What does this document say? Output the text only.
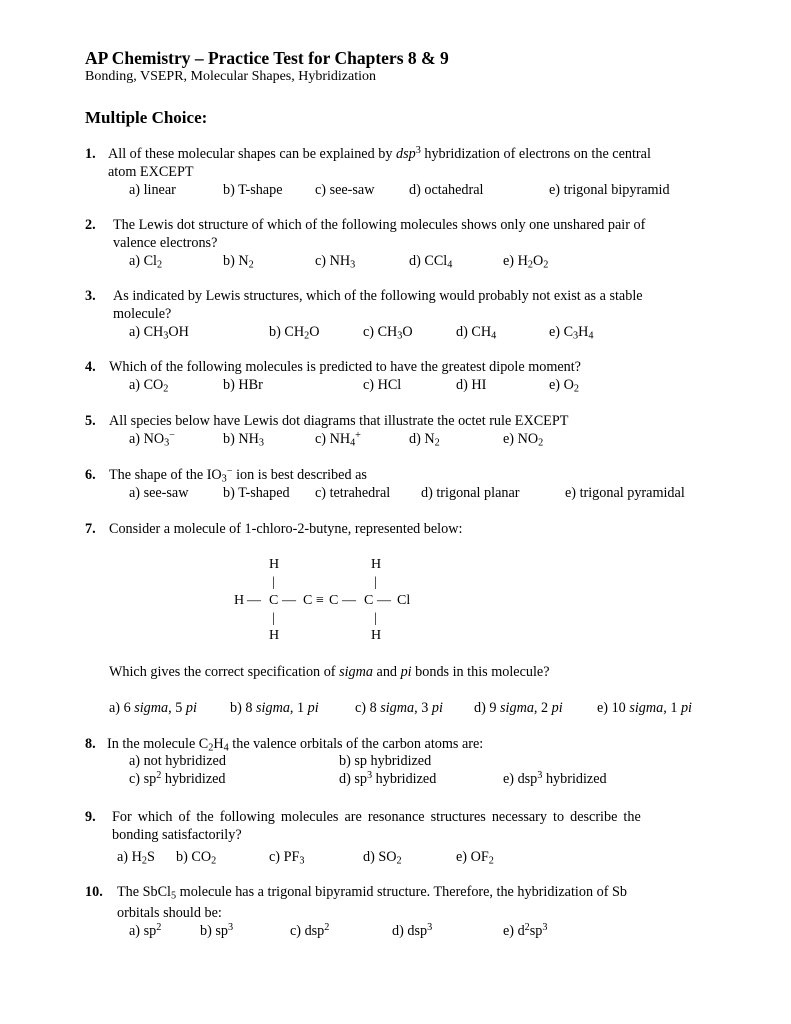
AP Chemistry – Practice Test for Chapters 8 & 9
Bonding, VSEPR, Molecular Shapes, Hybridization
Multiple Choice:
1. All of these molecular shapes can be explained by dsp$^3$ hybridization of electrons on the central
atom EXCEPT
a) linear	b) T-shape c) see-saw d) octahedral	e) trigonal bipyramid
2. The Lewis dot structure of which of the following molecules shows only one unshared pair of
valence electrons?
a) $Cl_2$	b) $N_2$	c) $NH_3$	d) CCl$_4$	e) $H_2O_2$
3. As indicated by Lewis structures, which of the following would probably not exist as a stable
molecule?
a) $CH_3OH$	b) $CH_2O$	c) $CH_3O$	d) $CH_4$	e) $C_3H_4$
4. Which of the following molecules is predicted to have the greatest dipole moment?
a) $CO_2$	b) HBr	c) HCl	d) HI	e) $O_2$
5. All species below have Lewis dot diagrams that illustrate the octet rule EXCEPT
a) $NO_3^-$	b) $NH_3$	c) $NH_4^+$	d) $N_2$	e) $NO_2$
6. The shape of the $IO_3^-$ ion is best described as
a) see-saw b) T-shaped c) tetrahedral d) trigonal planar	e) trigonal pyramidal
7. Consider a molecule of 1-chloro-2-butyne, represented below:
H	H
|	|
H — C — C ≡ C — C — Cl
|	|
H	H
Which gives the correct specification of sigma and pi bonds in this molecule?
a) 6 sigma, 5 pi b) 8 sigma, 1 pi	c) 8 sigma, 3 pi d) 9 sigma, 2 pi e) 10 sigma, 1 pi
8. In the molecule $C_2H_4$ the valence orbitals of the carbon atoms are:
a) not hybridized	b) sp hybridized
c) $sp^2$ hybridized	d) $sp^3$ hybridized	e) dsp$^3$ hybridized
9. For which of the following molecules are resonance structures necessary to describe the
bonding satisfactorily?
a) $H_2S$ b) $CO_2$	c) $PF_3$	d) $SO_2$	e) $OF_2$
10. The SbCl$_5$ molecule has a trigonal bipyramid structure. Therefore, the hybridization of Sb
orbitals should be:
a) $sp^2$	b) $sp^3$	c) dsp$^2$	d) dsp$^3$	e) $d^2sp^3$
